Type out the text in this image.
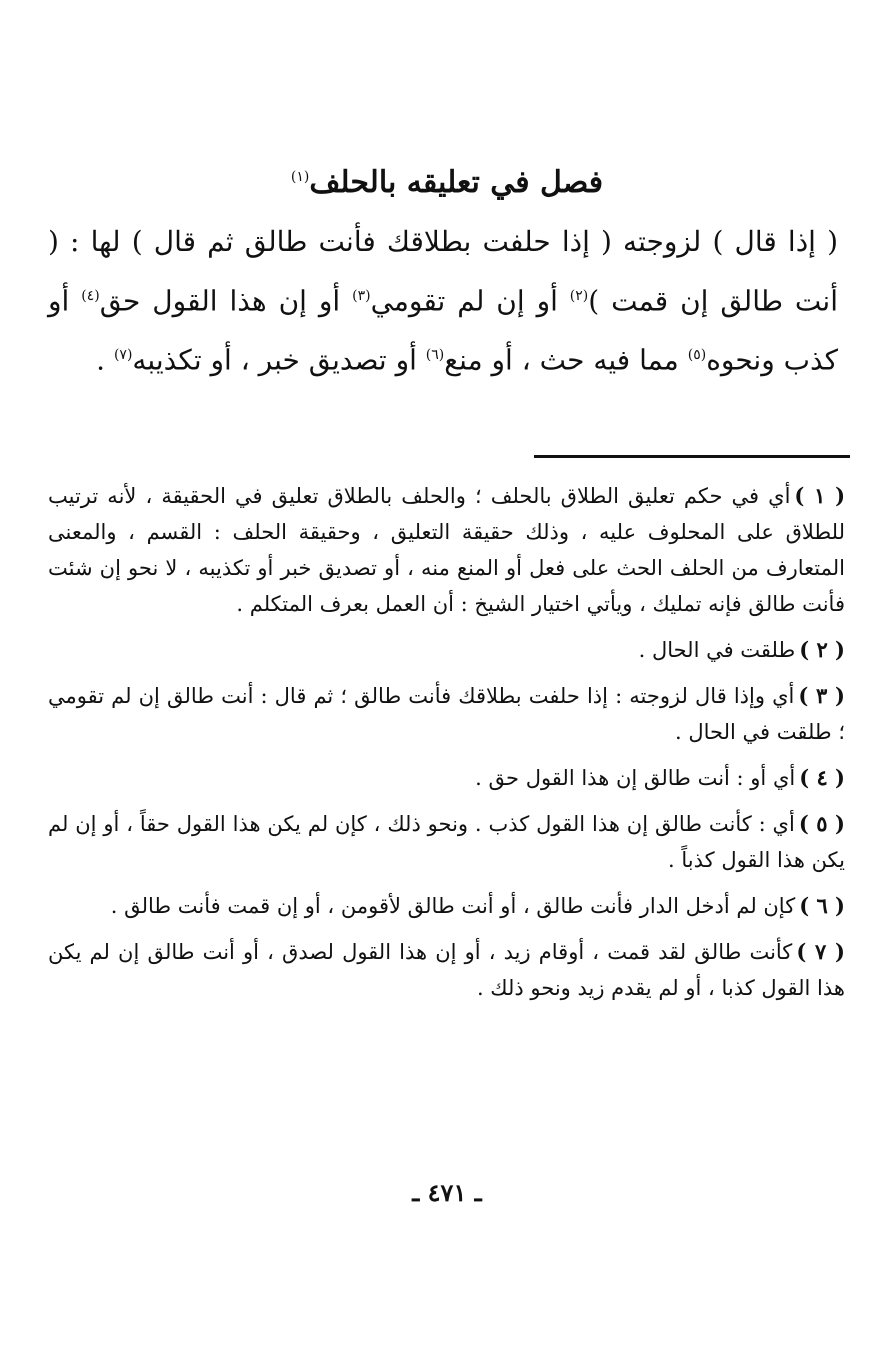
فصل في تعليقه بالحلف$^{(١)}$
( إذا قال ) لزوجته ( إذا حلفت بطلاقك فأنت طالق ثم قال ) لها : ( أنت طالق إن قمت )$^{(٢)}$ أو إن لم تقومي$^{(٣)}$ أو إن هذا القول حق$^{(٤)}$ أو كذب ونحوه$^{(٥)}$ مما فيه حث ، أو منع$^{(٦)}$ أو تصديق خبر ، أو تكذيبه$^{(٧)}$ .

( ١ )أي في حكم تعليق الطلاق بالحلف ؛ والحلف بالطلاق تعليق في الحقيقة ، لأنه ترتيب للطلاق على المحلوف عليه ، وذلك حقيقة التعليق ، وحقيقة الحلف : القسم ، والمعنى المتعارف من الحلف الحث على فعل أو المنع منه ، أو تصديق خبر أو تكذيبه ، لا نحو إن شئت فأنت طالق فإنه تمليك ، ويأتي اختيار الشيخ : أن العمل بعرف المتكلم .

( ٢ )طلقت في الحال .

( ٣ )أي وإذا قال لزوجته : إذا حلفت بطلاقك فأنت طالق ؛ ثم قال : أنت طالق إن لم تقومي ؛ طلقت في الحال .

( ٤ )أي أو : أنت طالق إن هذا القول حق .

( ٥ )أي : كأنت طالق إن هذا القول كذب . ونحو ذلك ، كإن لم يكن هذا القول حقاً ، أو إن لم يكن هذا القول كذباً .

( ٦ )كإن لم أدخل الدار فأنت طالق ، أو أنت طالق لأقومن ، أو إن قمت فأنت طالق .

( ٧ )كأنت طالق لقد قمت ، أوقام زيد ، أو إن هذا القول لصدق ، أو أنت طالق إن لم يكن هذا القول كذبا ، أو لم يقدم زيد ونحو ذلك .

ـ ٤٧١ ـ
